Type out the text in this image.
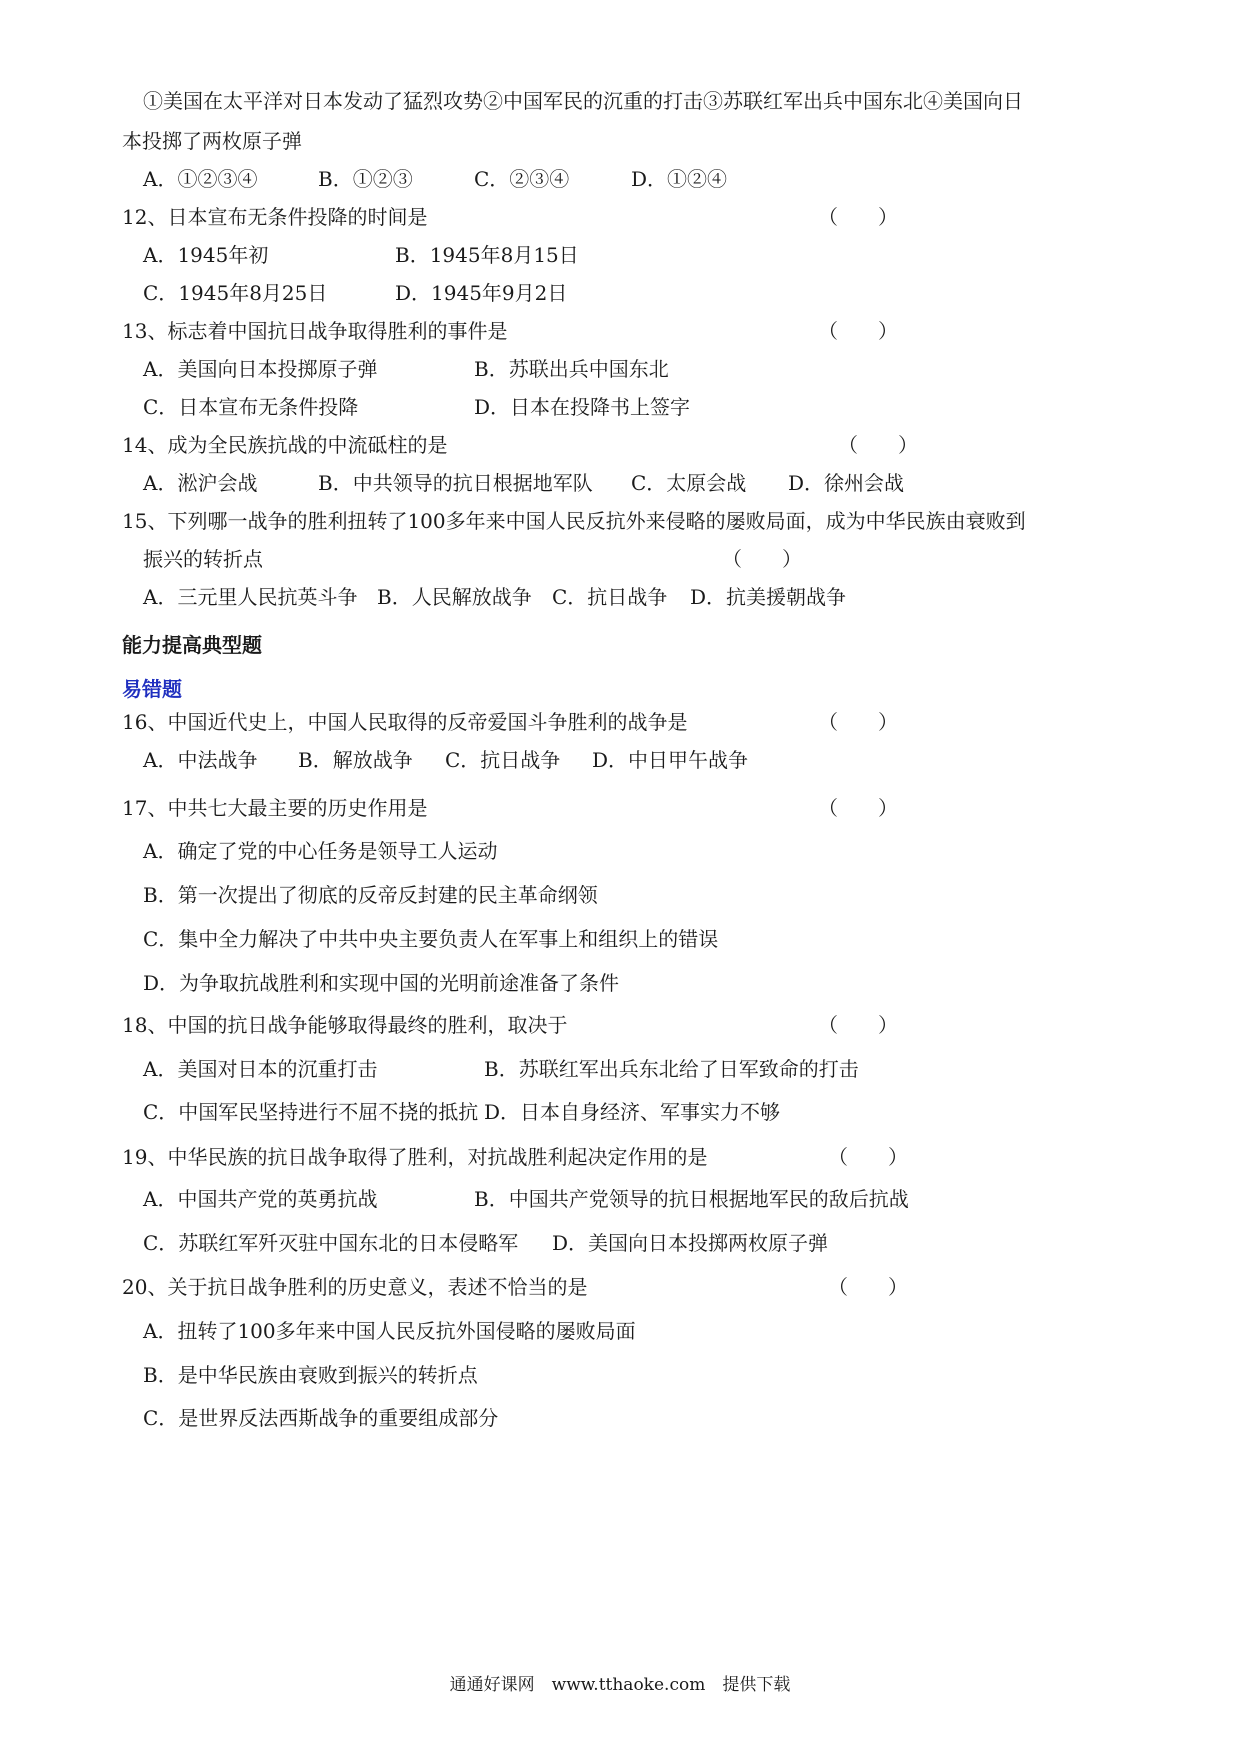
①美国在太平洋对日本发动了猛烈攻势②中国军民的沉重的打击③苏联红军出兵中国东北④美国向日
本投掷了两枚原子弹
A．①②③④	B．①②③	C．②③④	D．①②④
12、日本宣布无条件投降的时间是	（　　）
A．1945年初	B．1945年8月15日
C．1945年8月25日	D．1945年9月2日
13、标志着中国抗日战争取得胜利的事件是	（　　）
A．美国向日本投掷原子弹	B．苏联出兵中国东北
C．日本宣布无条件投降	D．日本在投降书上签字
14、成为全民族抗战的中流砥柱的是	（　　）
A．淞沪会战	B．中共领导的抗日根据地军队 C．太原会战 D．徐州会战
15、下列哪一战争的胜利扭转了100多年来中国人民反抗外来侵略的屡败局面，成为中华民族由衰败到
振兴的转折点	（　　）
A．三元里人民抗英斗争 B．人民解放战争 C．抗日战争 D．抗美援朝战争
能力提高典型题
易错题
16、中国近代史上，中国人民取得的反帝爱国斗争胜利的战争是	（　　）
A．中法战争 B．解放战争 C．抗日战争 D．中日甲午战争
17、中共七大最主要的历史作用是	（　　）
A．确定了党的中心任务是领导工人运动
B．第一次提出了彻底的反帝反封建的民主革命纲领
C．集中全力解决了中共中央主要负责人在军事上和组织上的错误
D．为争取抗战胜利和实现中国的光明前途准备了条件
18、中国的抗日战争能够取得最终的胜利，取决于	（　　）
A．美国对日本的沉重打击	B．苏联红军出兵东北给了日军致命的打击
C．中国军民坚持进行不屈不挠的抵抗 D．日本自身经济、军事实力不够
19、中华民族的抗日战争取得了胜利，对抗战胜利起决定作用的是	（　　）
A．中国共产党的英勇抗战	B．中国共产党领导的抗日根据地军民的敌后抗战
C．苏联红军歼灭驻中国东北的日本侵略军 D．美国向日本投掷两枚原子弹
20、关于抗日战争胜利的历史意义，表述不恰当的是	（　　）
A．扭转了100多年来中国人民反抗外国侵略的屡败局面
B．是中华民族由衰败到振兴的转折点
C．是世界反法西斯战争的重要组成部分
通通好课网　www.tthaoke.com　提供下载
